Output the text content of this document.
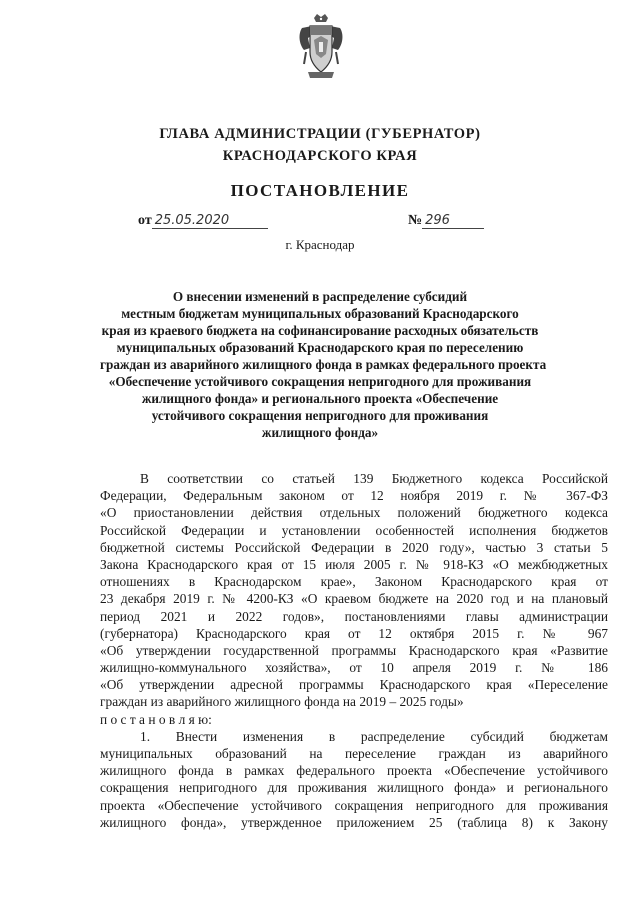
ГЛАВА АДМИНИСТРАЦИИ (ГУБЕРНАТОР)
КРАСНОДАРСКОГО КРАЯ
ПОСТАНОВЛЕНИЕ
от 25.05.2020	№ 296
г. Краснодар
О внесении изменений в распределение субсидий
местным бюджетам муниципальных образований Краснодарского
края из краевого бюджета на софинансирование расходных обязательств
муниципальных образований Краснодарского края по переселению
граждан из аварийного жилищного фонда в рамках федерального проекта
«Обеспечение устойчивого сокращения непригодного для проживания
жилищного фонда» и регионального проекта «Обеспечение
устойчивого сокращения непригодного для проживания
жилищного фонда»
В соответствии со статьей 139 Бюджетного кодекса Российской
Федерации, Федеральным законом от 12 ноября 2019 г. № 367-ФЗ
«О приостановлении действия отдельных положений бюджетного кодекса
Российской Федерации и установлении особенностей исполнения бюджетов
бюджетной системы Российской Федерации в 2020 году», частью 3 статьи 5
Закона Краснодарского края от 15 июля 2005 г. № 918-КЗ «О межбюджетных
отношениях в Краснодарском крае», Законом Краснодарского края от
23 декабря 2019 г. № 4200-КЗ «О краевом бюджете на 2020 год и на плановый
период 2021 и 2022 годов», постановлениями главы администрации
(губернатора) Краснодарского края от 12 октября 2015 г. № 967
«Об утверждении государственной программы Краснодарского края «Развитие
жилищно-коммунального хозяйства», от 10 апреля 2019 г. № 186
«Об утверждении адресной программы Краснодарского края «Переселение
граждан из аварийного жилищного фонда на 2019 – 2025 годы»
п о с т а н о в л я ю:
1. Внести изменения в распределение субсидий бюджетам
муниципальных образований на переселение граждан из аварийного
жилищного фонда в рамках федерального проекта «Обеспечение устойчивого
сокращения непригодного для проживания жилищного фонда» и регионального
проекта «Обеспечение устойчивого сокращения непригодного для проживания
жилищного фонда», утвержденное приложением 25 (таблица 8) к Закону
